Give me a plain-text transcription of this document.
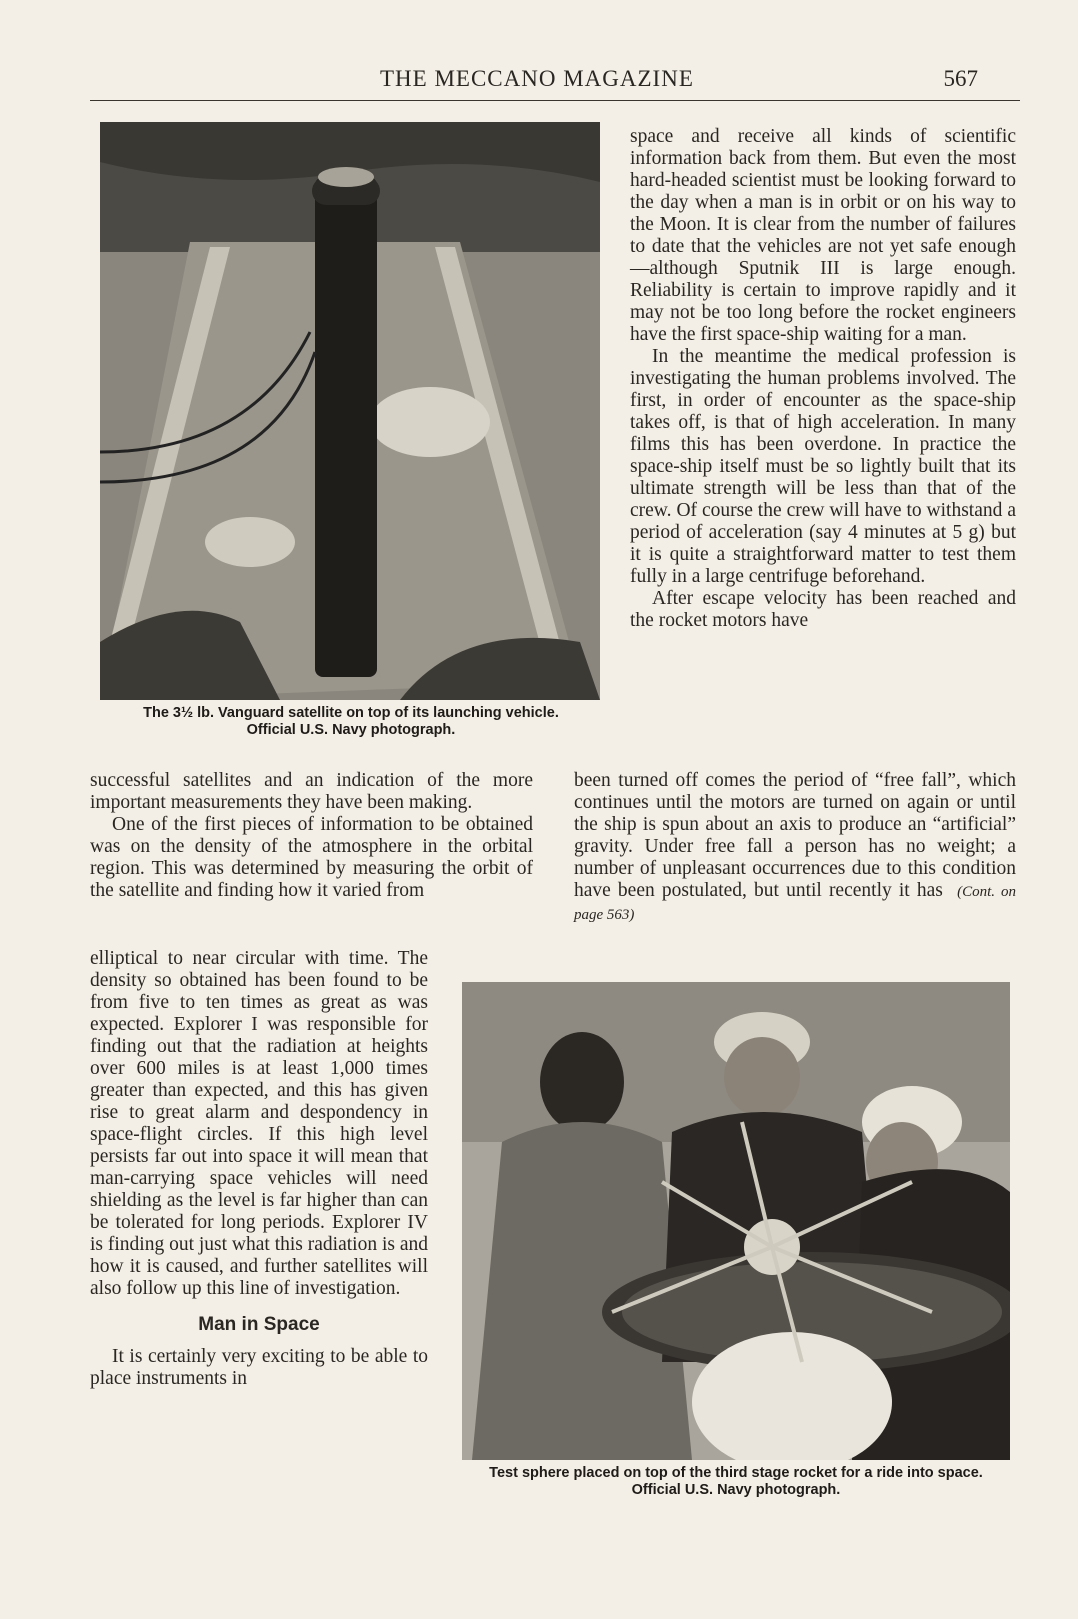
THE MECCANO MAGAZINE	567
The 3½ lb. Vanguard satellite on top of its launching vehicle.
Official U.S. Navy photograph.

space and receive all kinds of scientific information back from them. But even the most hard-headed scientist must be looking forward to the day when a man is in orbit or on his way to the Moon. It is clear from the number of failures to date that the vehicles are not yet safe enough—although Sputnik III is large enough. Reliability is certain to improve rapidly and it may not be too long before the rocket engineers have the first space-ship waiting for a man.

In the meantime the medical profession is investigating the human problems involved. The first, in order of encounter as the space-ship takes off, is that of high acceleration. In many films this has been overdone. In practice the space-ship itself must be so lightly built that its ultimate strength will be less than that of the crew. Of course the crew will have to withstand a period of acceleration (say 4 minutes at 5 g) but it is quite a straightforward matter to test them fully in a large centrifuge beforehand.

After escape velocity has been reached and the rocket motors have

been turned off comes the period of “free fall”, which continues until the motors are turned on again or until the ship is spun about an axis to produce an “artificial” gravity. Under free fall a person has no weight; a number of unpleasant occurrences due to this condition have been postulated, but until recently it has (Cont. on page 563)

successful satellites and an indication of the more important measurements they have been making.

One of the first pieces of information to be obtained was on the density of the atmosphere in the orbital region. This was determined by measuring the orbit of the satellite and finding how it varied from

elliptical to near circular with time. The density so obtained has been found to be from five to ten times as great as was expected. Explorer I was responsible for finding out that the radiation at heights over 600 miles is at least 1,000 times greater than expected, and this has given rise to great alarm and despondency in space-flight circles. If this high level persists far out into space it will mean that man-carrying space vehicles will need shielding as the level is far higher than can be tolerated for long periods. Explorer IV is finding out just what this radiation is and how it is caused, and further satellites will also follow up this line of investigation.

Man in Space

It is certainly very exciting to be able to place instruments in

Test sphere placed on top of the third stage rocket for a ride into space.
Official U.S. Navy photograph.
